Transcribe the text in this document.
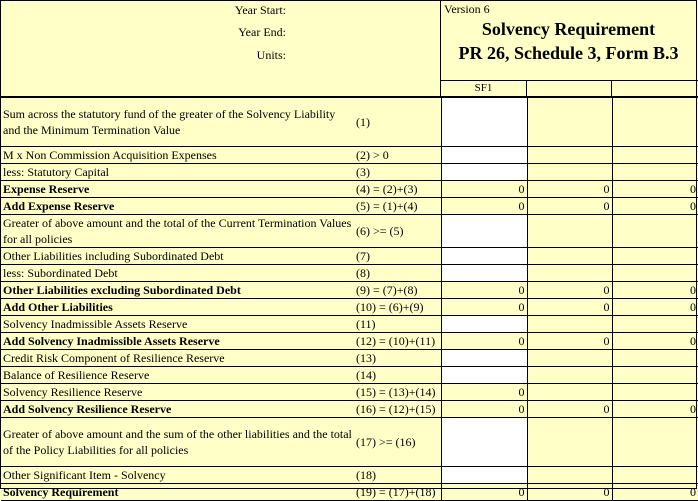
Year Start:
Year End:
Units:
Version 6
Solvency Requirement
PR 26, Schedule 3, Form B.3
SF1
Sum across the statutory fund of the greater of the Solvency Liability and the Minimum Termination Value	(1)			
M x Non Commission Acquisition Expenses	(2) > 0			
less: Statutory Capital	(3)			
Expense Reserve	(4) = (2)+(3)	0	0	0
Add Expense Reserve	(5) = (1)+(4)	0	0	0
Greater of above amount and the total of the Current Termination Values for all policies	(6) >= (5)			
Other Liabilities including Subordinated Debt	(7)			
less: Subordinated Debt	(8)			
Other Liabilities excluding Subordinated Debt	(9) = (7)+(8)	0	0	0
Add Other Liabilities	(10) = (6)+(9)	0	0	0
Solvency Inadmissible Assets Reserve	(11)			
Add Solvency Inadmissible Assets Reserve	(12) = (10)+(11)	0	0	0
Credit Risk Component of Resilience Reserve	(13)			
Balance of Resilience Reserve	(14)			
Solvency Resilience Reserve	(15) = (13)+(14)	0		
Add Solvency Resilience Reserve	(16) = (12)+(15)	0	0	0
Greater of above amount and the sum of the other liabilities and the total of the Policy Liabilities for all policies	(17) >= (16)			
Other Significant Item - Solvency	(18)			
Solvency Requirement	(19) = (17)+(18)	0	0	0
